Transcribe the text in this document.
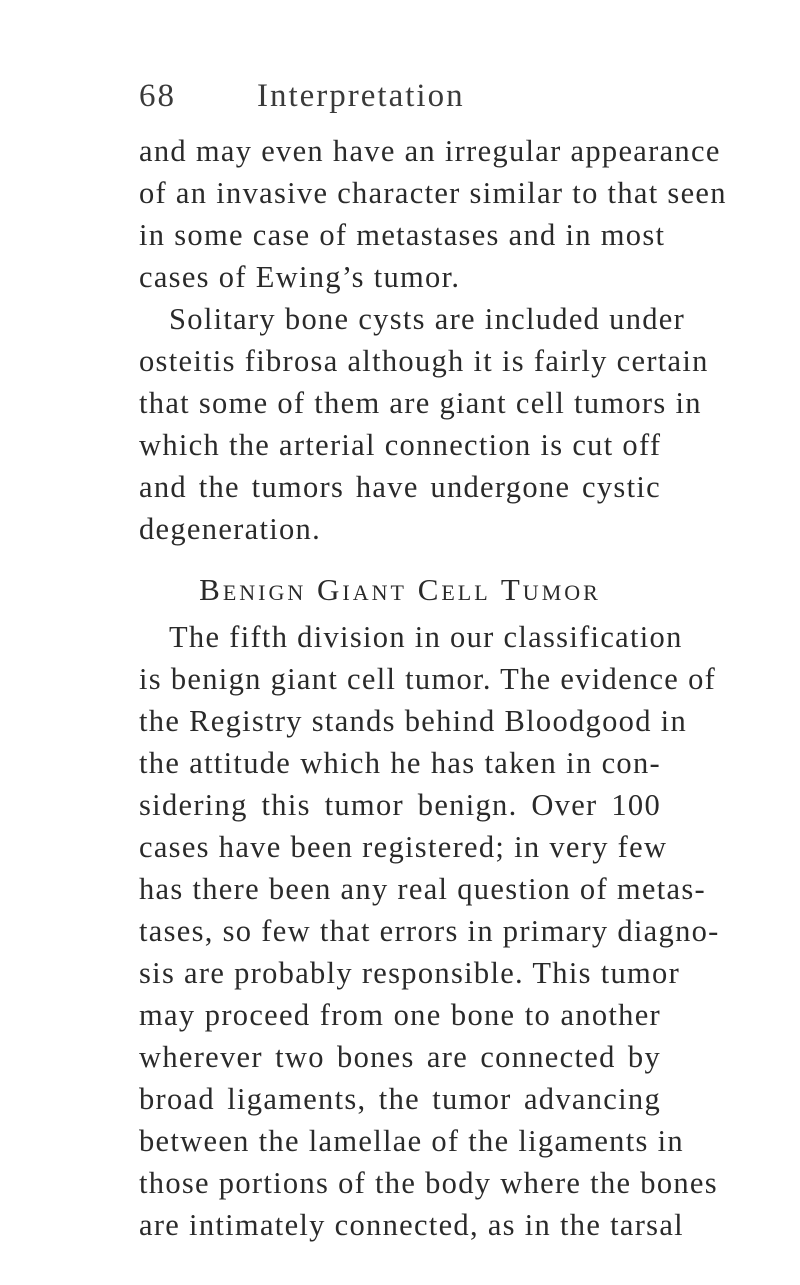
68 Interpretation
and may even have an irregular appearance
of an invasive character similar to that seen
in some case of metastases and in most
cases of Ewing’s tumor.
Solitary bone cysts are included under
osteitis fibrosa although it is fairly certain
that some of them are giant cell tumors in
which the arterial connection is cut off
and the tumors have undergone cystic
degeneration.
Benign Giant Cell Tumor
The fifth division in our classification
is benign giant cell tumor. The evidence of
the Registry stands behind Bloodgood in
the attitude which he has taken in con-
sidering this tumor benign. Over 100
cases have been registered; in very few
has there been any real question of metas-
tases, so few that errors in primary diagno-
sis are probably responsible. This tumor
may proceed from one bone to another
wherever two bones are connected by
broad ligaments, the tumor advancing
between the lamellae of the ligaments in
those portions of the body where the bones
are intimately connected, as in the tarsal
